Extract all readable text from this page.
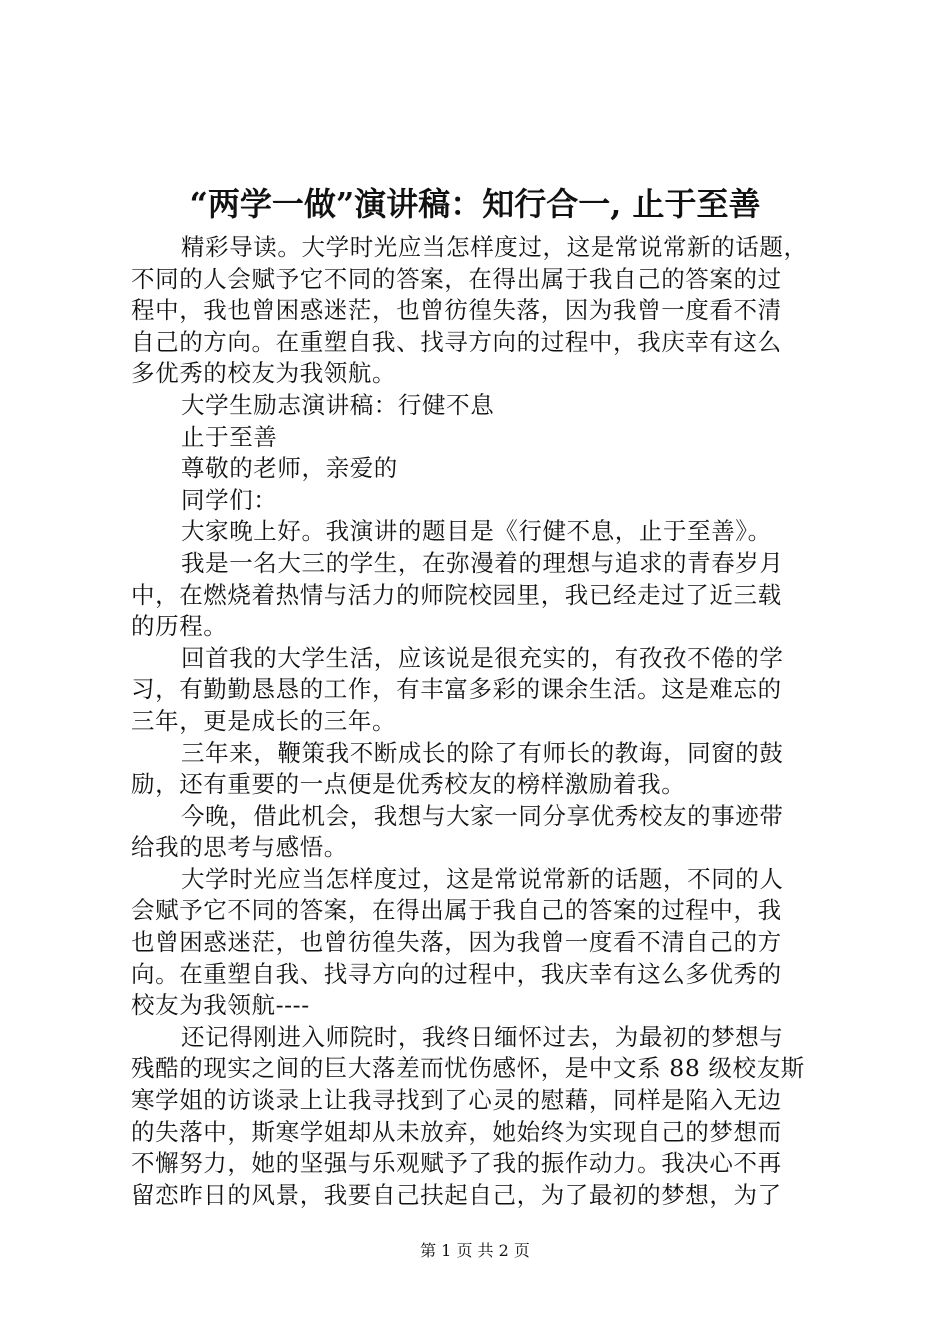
“两学一做”演讲稿：知行合一, 止于至善
精彩导读。大学时光应当怎样度过，这是常说常新的话题，
不同的人会赋予它不同的答案，在得出属于我自己的答案的过
程中，我也曾困惑迷茫，也曾彷徨失落，因为我曾一度看不清
自己的方向。在重塑自我、找寻方向的过程中，我庆幸有这么
多优秀的校友为我领航。
大学生励志演讲稿：行健不息
止于至善
尊敬的老师，亲爱的
同学们：
大家晚上好。我演讲的题目是《行健不息，止于至善》。
我是一名大三的学生，在弥漫着的理想与追求的青春岁月
中，在燃烧着热情与活力的师院校园里，我已经走过了近三载
的历程。
回首我的大学生活，应该说是很充实的，有孜孜不倦的学
习，有勤勤恳恳的工作，有丰富多彩的课余生活。这是难忘的
三年，更是成长的三年。
三年来，鞭策我不断成长的除了有师长的教诲，同窗的鼓
励，还有重要的一点便是优秀校友的榜样激励着我。
今晚，借此机会，我想与大家一同分享优秀校友的事迹带
给我的思考与感悟。
大学时光应当怎样度过，这是常说常新的话题，不同的人
会赋予它不同的答案，在得出属于我自己的答案的过程中，我
也曾困惑迷茫，也曾彷徨失落，因为我曾一度看不清自己的方
向。在重塑自我、找寻方向的过程中，我庆幸有这么多优秀的
校友为我领航----
还记得刚进入师院时，我终日缅怀过去，为最初的梦想与
残酷的现实之间的巨大落差而忧伤感怀，是中文系 88 级校友斯
寒学姐的访谈录上让我寻找到了心灵的慰藉，同样是陷入无边
的失落中，斯寒学姐却从未放弃，她始终为实现自己的梦想而
不懈努力，她的坚强与乐观赋予了我的振作动力。我决心不再
留恋昨日的风景，我要自己扶起自己，为了最初的梦想，为了
第 1 页 共 2 页
